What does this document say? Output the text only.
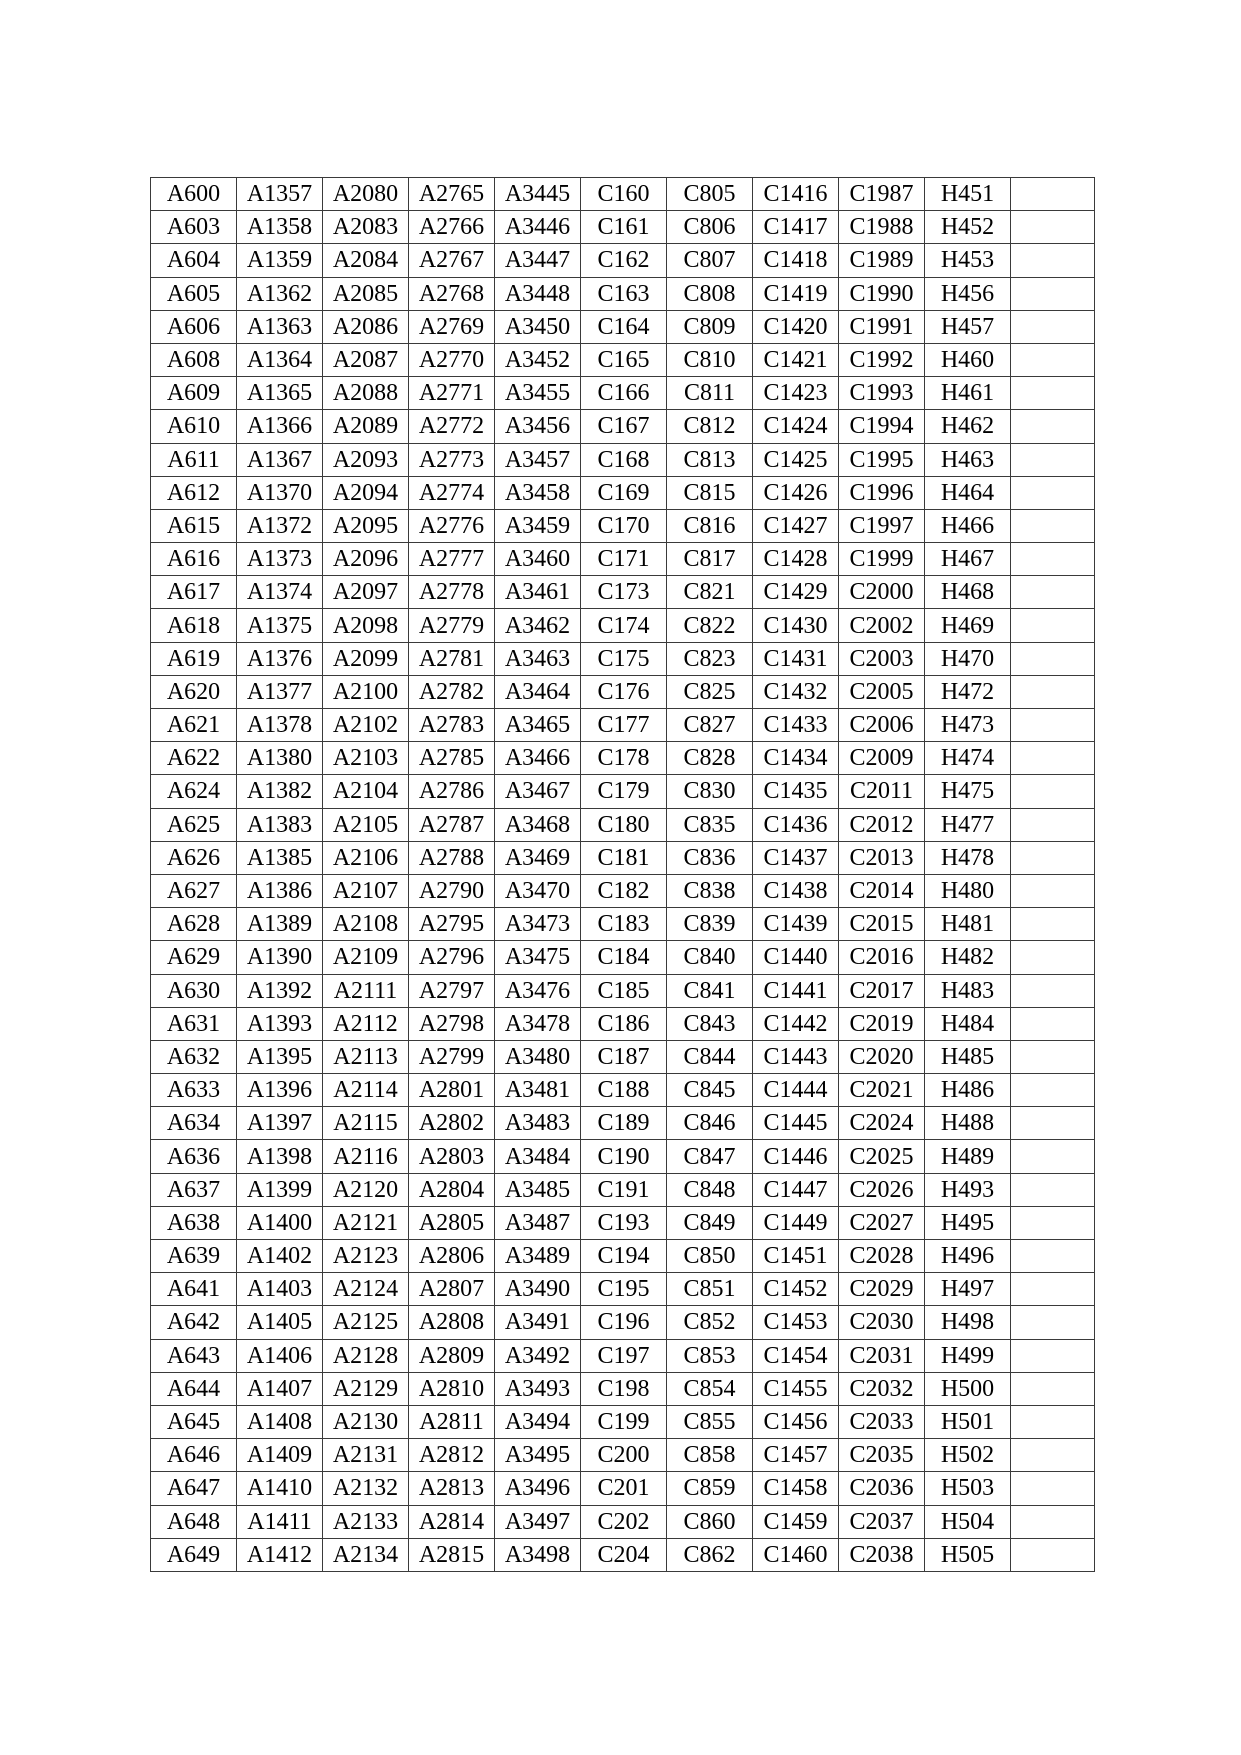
A600	A1357	A2080	A2765	A3445	C160	C805	C1416	C1987	H451	
A603	A1358	A2083	A2766	A3446	C161	C806	C1417	C1988	H452	
A604	A1359	A2084	A2767	A3447	C162	C807	C1418	C1989	H453	
A605	A1362	A2085	A2768	A3448	C163	C808	C1419	C1990	H456	
A606	A1363	A2086	A2769	A3450	C164	C809	C1420	C1991	H457	
A608	A1364	A2087	A2770	A3452	C165	C810	C1421	C1992	H460	
A609	A1365	A2088	A2771	A3455	C166	C811	C1423	C1993	H461	
A610	A1366	A2089	A2772	A3456	C167	C812	C1424	C1994	H462	
A611	A1367	A2093	A2773	A3457	C168	C813	C1425	C1995	H463	
A612	A1370	A2094	A2774	A3458	C169	C815	C1426	C1996	H464	
A615	A1372	A2095	A2776	A3459	C170	C816	C1427	C1997	H466	
A616	A1373	A2096	A2777	A3460	C171	C817	C1428	C1999	H467	
A617	A1374	A2097	A2778	A3461	C173	C821	C1429	C2000	H468	
A618	A1375	A2098	A2779	A3462	C174	C822	C1430	C2002	H469	
A619	A1376	A2099	A2781	A3463	C175	C823	C1431	C2003	H470	
A620	A1377	A2100	A2782	A3464	C176	C825	C1432	C2005	H472	
A621	A1378	A2102	A2783	A3465	C177	C827	C1433	C2006	H473	
A622	A1380	A2103	A2785	A3466	C178	C828	C1434	C2009	H474	
A624	A1382	A2104	A2786	A3467	C179	C830	C1435	C2011	H475	
A625	A1383	A2105	A2787	A3468	C180	C835	C1436	C2012	H477	
A626	A1385	A2106	A2788	A3469	C181	C836	C1437	C2013	H478	
A627	A1386	A2107	A2790	A3470	C182	C838	C1438	C2014	H480	
A628	A1389	A2108	A2795	A3473	C183	C839	C1439	C2015	H481	
A629	A1390	A2109	A2796	A3475	C184	C840	C1440	C2016	H482	
A630	A1392	A2111	A2797	A3476	C185	C841	C1441	C2017	H483	
A631	A1393	A2112	A2798	A3478	C186	C843	C1442	C2019	H484	
A632	A1395	A2113	A2799	A3480	C187	C844	C1443	C2020	H485	
A633	A1396	A2114	A2801	A3481	C188	C845	C1444	C2021	H486	
A634	A1397	A2115	A2802	A3483	C189	C846	C1445	C2024	H488	
A636	A1398	A2116	A2803	A3484	C190	C847	C1446	C2025	H489	
A637	A1399	A2120	A2804	A3485	C191	C848	C1447	C2026	H493	
A638	A1400	A2121	A2805	A3487	C193	C849	C1449	C2027	H495	
A639	A1402	A2123	A2806	A3489	C194	C850	C1451	C2028	H496	
A641	A1403	A2124	A2807	A3490	C195	C851	C1452	C2029	H497	
A642	A1405	A2125	A2808	A3491	C196	C852	C1453	C2030	H498	
A643	A1406	A2128	A2809	A3492	C197	C853	C1454	C2031	H499	
A644	A1407	A2129	A2810	A3493	C198	C854	C1455	C2032	H500	
A645	A1408	A2130	A2811	A3494	C199	C855	C1456	C2033	H501	
A646	A1409	A2131	A2812	A3495	C200	C858	C1457	C2035	H502	
A647	A1410	A2132	A2813	A3496	C201	C859	C1458	C2036	H503	
A648	A1411	A2133	A2814	A3497	C202	C860	C1459	C2037	H504	
A649	A1412	A2134	A2815	A3498	C204	C862	C1460	C2038	H505	
